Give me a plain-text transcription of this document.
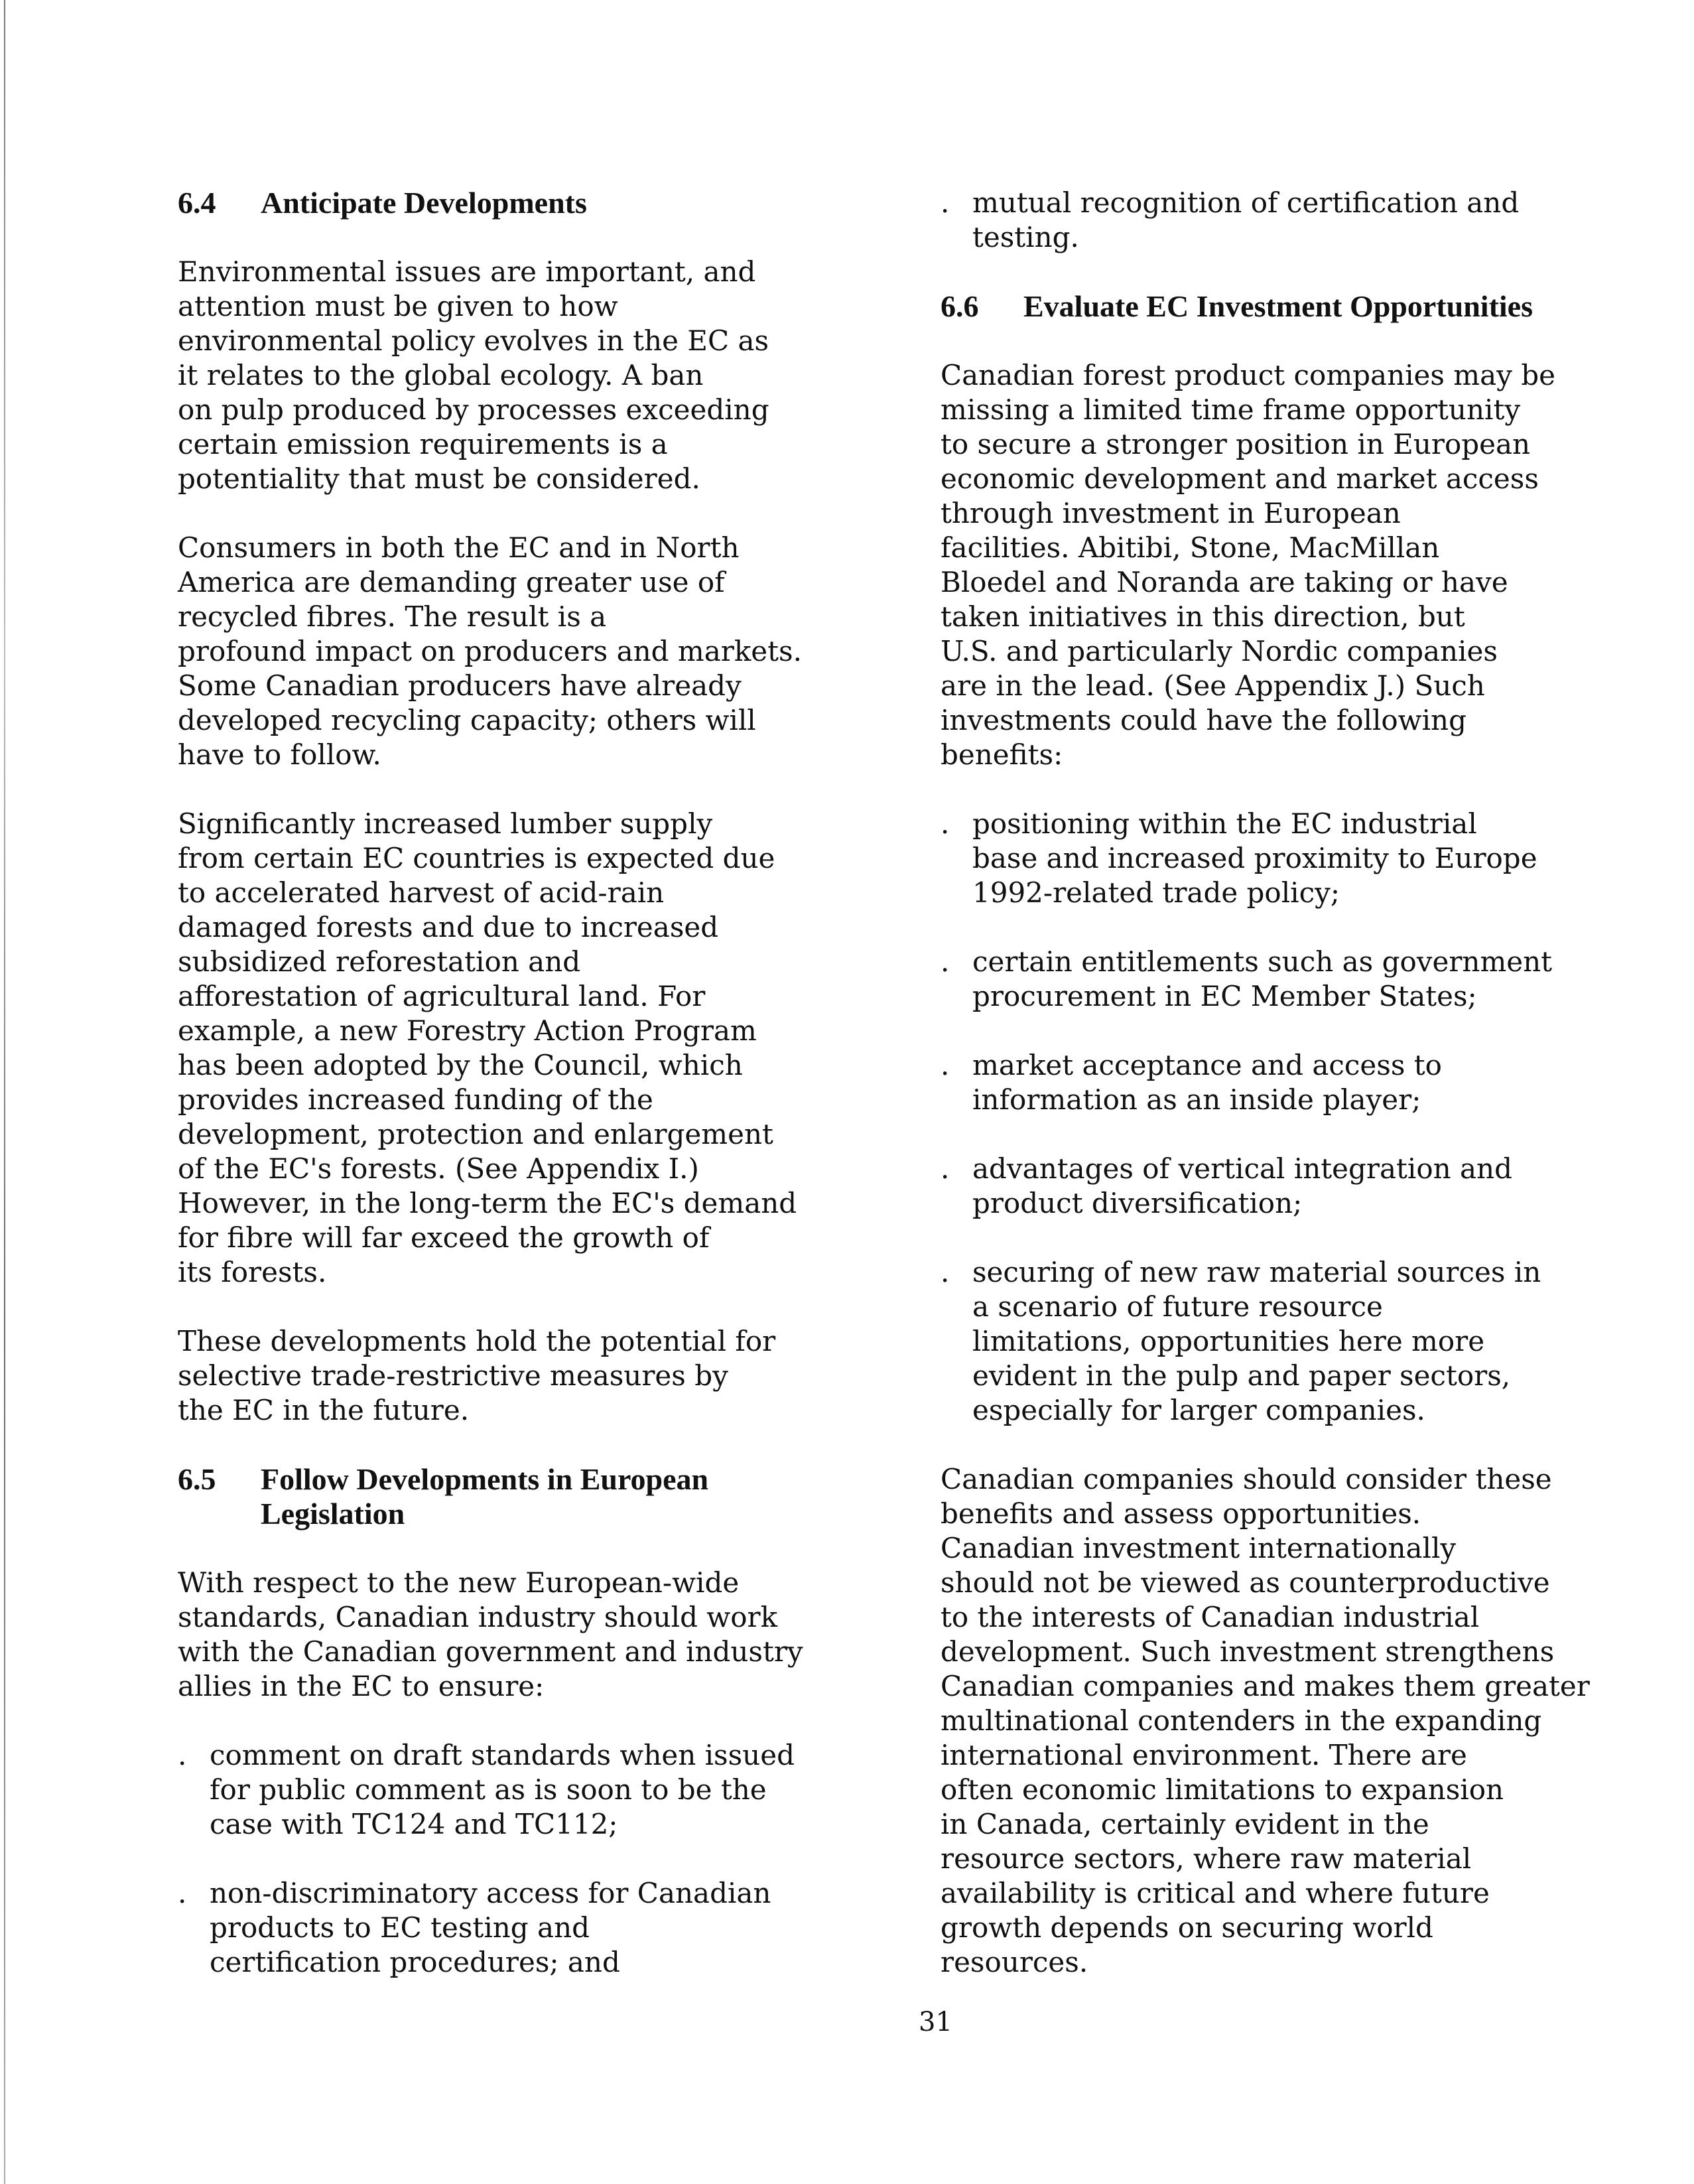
6.4	Anticipate Developments

Environmental issues are important, and
attention must be given to how
environmental policy evolves in the EC as
it relates to the global ecology. A ban
on pulp produced by processes exceeding
certain emission requirements is a
potentiality that must be considered.

Consumers in both the EC and in North
America are demanding greater use of
recycled fibres. The result is a
profound impact on producers and markets.
Some Canadian producers have already
developed recycling capacity; others will
have to follow.

Significantly increased lumber supply
from certain EC countries is expected due
to accelerated harvest of acid-rain
damaged forests and due to increased
subsidized reforestation and
afforestation of agricultural land. For
example, a new Forestry Action Program
has been adopted by the Council, which
provides increased funding of the
development, protection and enlargement
of the EC's forests. (See Appendix I.)
However, in the long-term the EC's demand
for fibre will far exceed the growth of
its forests.

These developments hold the potential for
selective trade-restrictive measures by
the EC in the future.

6.5	Follow Developments in European
Legislation

With respect to the new European-wide
standards, Canadian industry should work
with the Canadian government and industry
allies in the EC to ensure:

. comment on draft standards when issued
for public comment as is soon to be the
case with TC124 and TC112;
. non-discriminatory access for Canadian
products to EC testing and
certification procedures; and
. mutual recognition of certification and
testing.
6.6	Evaluate EC Investment Opportunities

Canadian forest product companies may be
missing a limited time frame opportunity
to secure a stronger position in European
economic development and market access
through investment in European
facilities. Abitibi, Stone, MacMillan
Bloedel and Noranda are taking or have
taken initiatives in this direction, but
U.S. and particularly Nordic companies
are in the lead. (See Appendix J.) Such
investments could have the following
benefits:

. positioning within the EC industrial
base and increased proximity to Europe
1992-related trade policy;
. certain entitlements such as government
procurement in EC Member States;
. market acceptance and access to
information as an inside player;
. advantages of vertical integration and
product diversification;
. securing of new raw material sources in
a scenario of future resource
limitations, opportunities here more
evident in the pulp and paper sectors,
especially for larger companies.

Canadian companies should consider these
benefits and assess opportunities.
Canadian investment internationally
should not be viewed as counterproductive
to the interests of Canadian industrial
development. Such investment strengthens
Canadian companies and makes them greater
multinational contenders in the expanding
international environment. There are
often economic limitations to expansion
in Canada, certainly evident in the
resource sectors, where raw material
availability is critical and where future
growth depends on securing world
resources.

31
